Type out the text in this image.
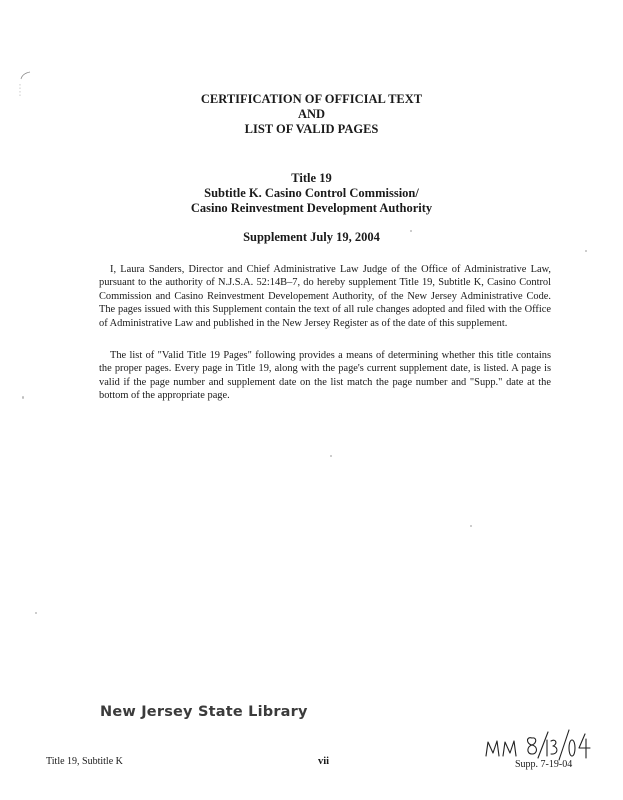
CERTIFICATION OF OFFICIAL TEXT
AND
LIST OF VALID PAGES
Title 19
Subtitle K. Casino Control Commission/
Casino Reinvestment Development Authority
Supplement July 19, 2004

I, Laura Sanders, Director and Chief Administrative Law Judge of the Office of Administrative Law, pursuant to the authority of N.J.S.A. 52:14B–7, do hereby supplement Title 19, Subtitle K, Casino Control Commission and Casino Reinvestment Developement Authority, of the New Jersey Administrative Code. The pages issued with this Supplement contain the text of all rule changes adopted and filed with the Office of Administrative Law and published in the New Jersey Register as of the date of this supplement.

The list of "Valid Title 19 Pages" following provides a means of determining whether this title contains the proper pages. Every page in Title 19, along with the page's current supplement date, is listed. A page is valid if the page number and supplement date on the list match the page number and "Supp." date at the bottom of the appropriate page.

New Jersey State Library
Title 19, Subtitle K	vii	Supp. 7-19-04
